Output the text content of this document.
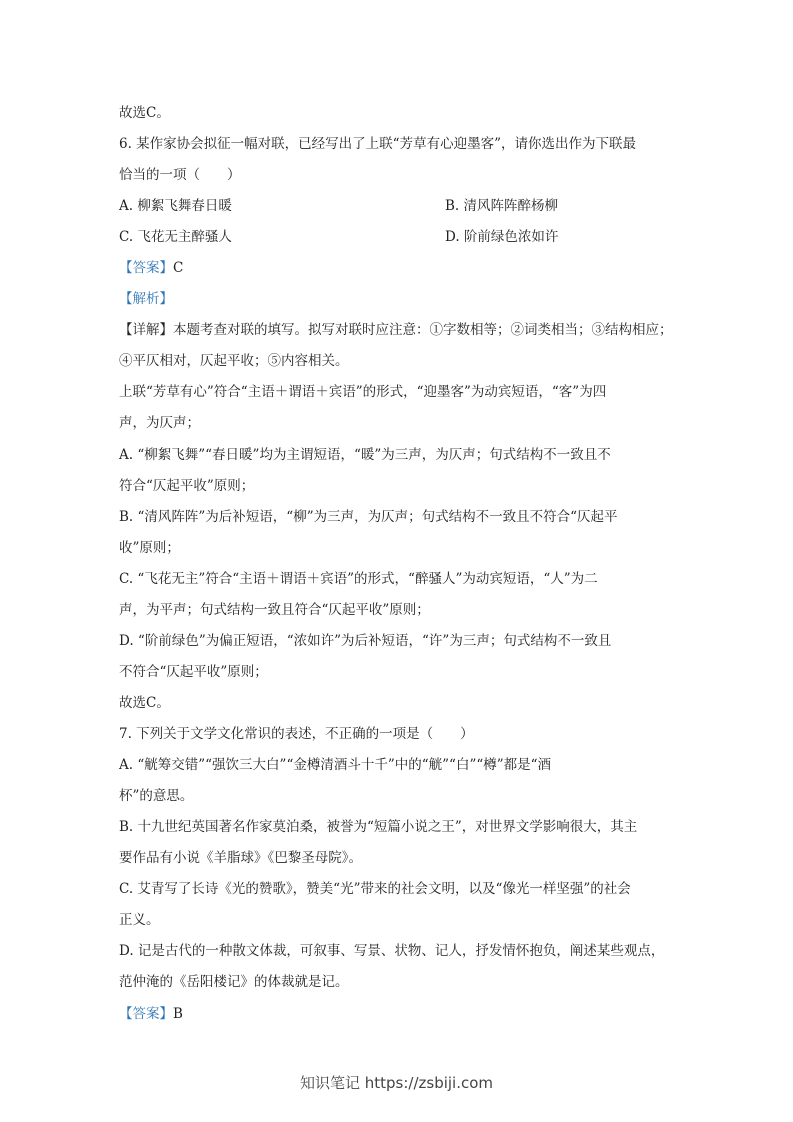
故选C。
6. 某作家协会拟征一幅对联，已经写出了上联“芳草有心迎墨客”，请你选出作为下联最
恰当的一项（　　）
A. 柳絮飞舞春日暖	B. 清风阵阵醉杨柳
C. 飞花无主醉骚人	D. 阶前绿色浓如许
【答案】C
【解析】
【详解】本题考查对联的填写。拟写对联时应注意：①字数相等；②词类相当；③结构相应；
④平仄相对，仄起平收；⑤内容相关。
上联“芳草有心”符合“主语＋谓语＋宾语”的形式，“迎墨客”为动宾短语，“客”为四
声，为仄声；
A. “柳絮飞舞”“春日暖”均为主谓短语，“暖”为三声，为仄声；句式结构不一致且不
符合“仄起平收”原则；
B. “清风阵阵”为后补短语，“柳”为三声，为仄声；句式结构不一致且不符合“仄起平
收”原则；
C. “飞花无主”符合“主语＋谓语＋宾语”的形式，“醉骚人”为动宾短语，“人”为二
声，为平声；句式结构一致且符合“仄起平收”原则；
D. “阶前绿色”为偏正短语，“浓如许”为后补短语，“许”为三声；句式结构不一致且
不符合“仄起平收”原则；
故选C。
7. 下列关于文学文化常识的表述，不正确的一项是（　　）
A. “觥筹交错”“强饮三大白”“金樽清酒斗十千”中的“觥”“白”“樽”都是“酒
杯”的意思。
B. 十九世纪英国著名作家莫泊桑，被誉为“短篇小说之王”，对世界文学影响很大，其主
要作品有小说《羊脂球》《巴黎圣母院》。
C. 艾青写了长诗《光的赞歌》，赞美“光”带来的社会文明，以及“像光一样坚强”的社会
正义。
D. 记是古代的一种散文体裁，可叙事、写景、状物、记人，抒发情怀抱负，阐述某些观点，
范仲淹的《岳阳楼记》的体裁就是记。
【答案】B
知识笔记 https://zsbiji.com
